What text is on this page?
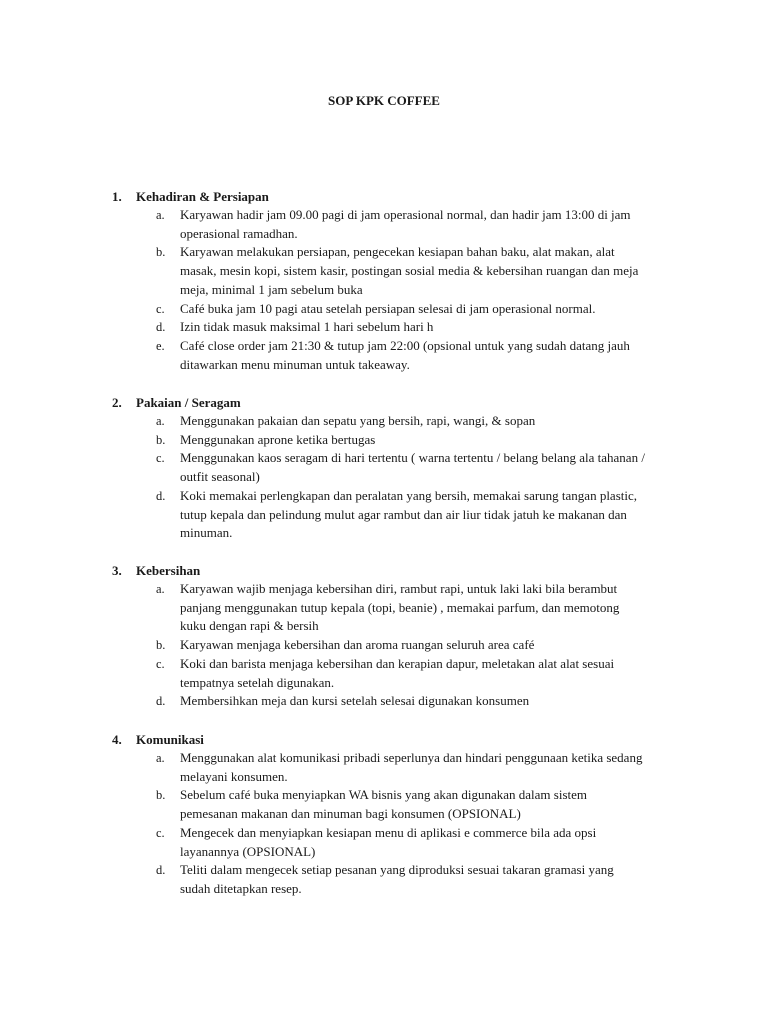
SOP KPK COFFEE
1.	Kehadiran & Persiapan
a.	Karyawan hadir jam 09.00 pagi di jam operasional normal, dan hadir jam 13:00 di jam
operasional ramadhan.
b.	Karyawan melakukan persiapan, pengecekan kesiapan bahan baku, alat makan, alat
masak, mesin kopi, sistem kasir, postingan sosial media & kebersihan ruangan dan meja
meja, minimal 1 jam sebelum buka
c.	Café buka jam 10 pagi atau setelah persiapan selesai di jam operasional normal.
d.	Izin tidak masuk maksimal 1 hari sebelum hari h
e.	Café close order jam 21:30 & tutup jam 22:00 (opsional untuk yang sudah datang jauh
ditawarkan menu minuman untuk takeaway.
2.	Pakaian / Seragam
a.	Menggunakan pakaian dan sepatu yang bersih, rapi, wangi, & sopan
b.	Menggunakan aprone ketika bertugas
c.	Menggunakan kaos seragam di hari tertentu ( warna tertentu / belang belang ala tahanan /
outfit seasonal)
d.	Koki memakai perlengkapan dan peralatan yang bersih, memakai sarung tangan plastic,
tutup kepala dan pelindung mulut agar rambut dan air liur tidak jatuh ke makanan dan
minuman.
3.	Kebersihan
a.	Karyawan wajib menjaga kebersihan diri, rambut rapi, untuk laki laki bila berambut
panjang menggunakan tutup kepala (topi, beanie) , memakai parfum, dan memotong
kuku dengan rapi & bersih
b.	Karyawan menjaga kebersihan dan aroma ruangan seluruh area café
c.	Koki dan barista menjaga kebersihan dan kerapian dapur, meletakan alat alat sesuai
tempatnya setelah digunakan.
d.	Membersihkan meja dan kursi setelah selesai digunakan konsumen
4.	Komunikasi
a.	Menggunakan alat komunikasi pribadi seperlunya dan hindari penggunaan ketika sedang
melayani konsumen.
b.	Sebelum café buka menyiapkan WA bisnis yang akan digunakan dalam sistem
pemesanan makanan dan minuman bagi konsumen (OPSIONAL)
c.	Mengecek dan menyiapkan kesiapan menu di aplikasi e commerce bila ada opsi
layanannya (OPSIONAL)
d.	Teliti dalam mengecek setiap pesanan yang diproduksi sesuai takaran gramasi yang
sudah ditetapkan resep.
